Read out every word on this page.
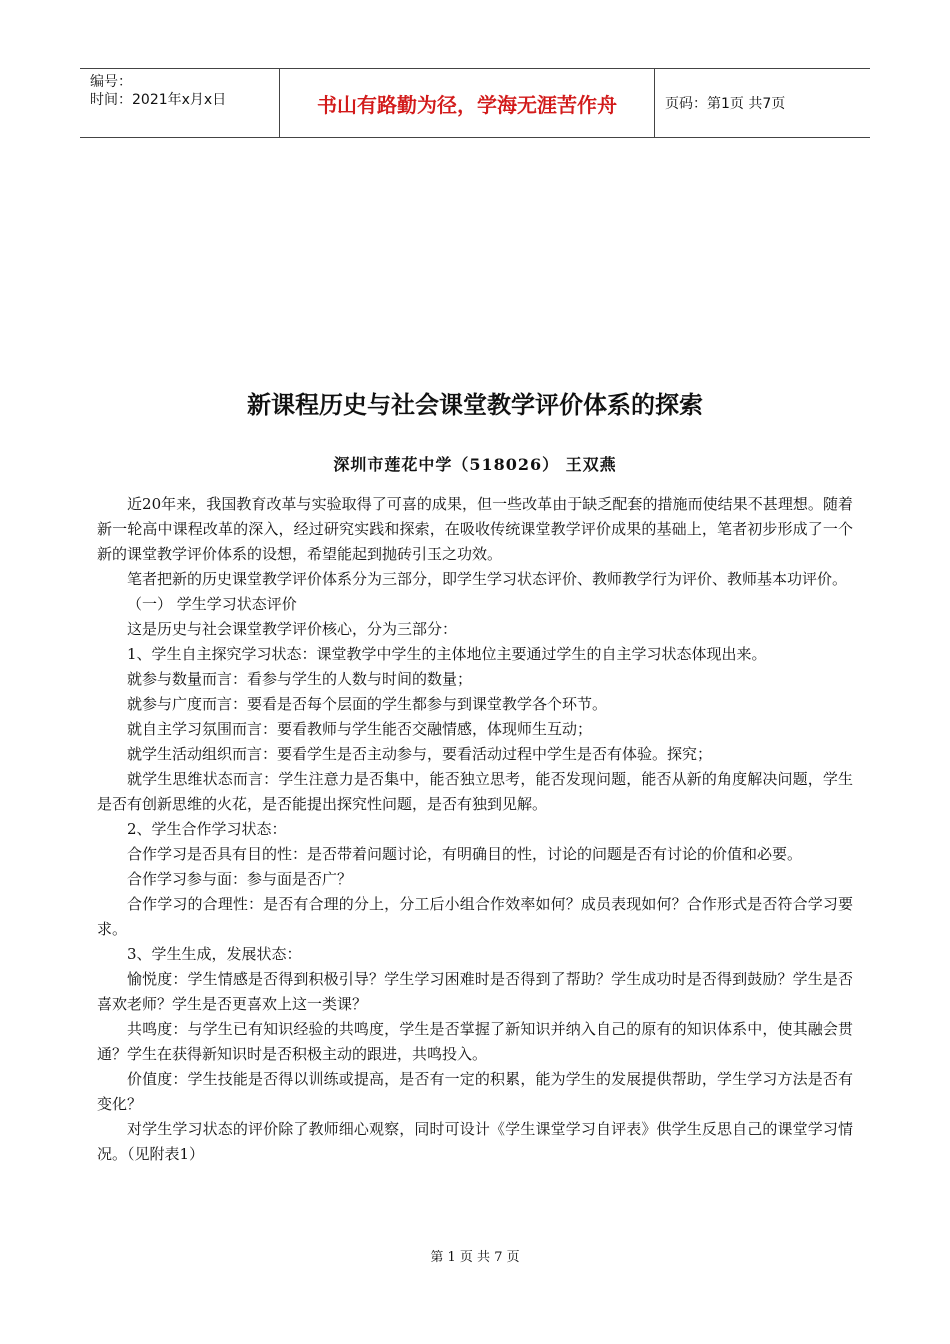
编号：
时间：2021年x月x日	书山有路勤为径，学海无涯苦作舟	页码：第1页 共7页
新课程历史与社会课堂教学评价体系的探索
深圳市莲花中学（518026） 王双燕

近20年来，我国教育改革与实验取得了可喜的成果，但一些改革由于缺乏配套的措施而使结果不甚理想。随着新一轮高中课程改革的深入，经过研究实践和探索，在吸收传统课堂教学评价成果的基础上，笔者初步形成了一个新的课堂教学评价体系的设想，希望能起到抛砖引玉之功效。

笔者把新的历史课堂教学评价体系分为三部分，即学生学习状态评价、教师教学行为评价、教师基本功评价。

（一） 学生学习状态评价

这是历史与社会课堂教学评价核心，分为三部分：

1、学生自主探究学习状态：课堂教学中学生的主体地位主要通过学生的自主学习状态体现出来。

就参与数量而言：看参与学生的人数与时间的数量；

就参与广度而言：要看是否每个层面的学生都参与到课堂教学各个环节。

就自主学习氛围而言：要看教师与学生能否交融情感，体现师生互动；

就学生活动组织而言：要看学生是否主动参与，要看活动过程中学生是否有体验。探究；

就学生思维状态而言：学生注意力是否集中，能否独立思考，能否发现问题，能否从新的角度解决问题，学生是否有创新思维的火花，是否能提出探究性问题，是否有独到见解。

2、学生合作学习状态：

合作学习是否具有目的性：是否带着问题讨论，有明确目的性，讨论的问题是否有讨论的价值和必要。

合作学习参与面：参与面是否广？

合作学习的合理性：是否有合理的分上，分工后小组合作效率如何？成员表现如何？合作形式是否符合学习要求。

3、学生生成，发展状态：

愉悦度：学生情感是否得到积极引导？学生学习困难时是否得到了帮助？学生成功时是否得到鼓励？学生是否喜欢老师？学生是否更喜欢上这一类课？

共鸣度：与学生已有知识经验的共鸣度，学生是否掌握了新知识并纳入自己的原有的知识体系中，使其融会贯通？学生在获得新知识时是否积极主动的跟进，共鸣投入。

价值度：学生技能是否得以训练或提高，是否有一定的积累，能为学生的发展提供帮助，学生学习方法是否有变化？

对学生学习状态的评价除了教师细心观察，同时可设计《学生课堂学习自评表》供学生反思自己的课堂学习情况。（见附表1）

第 1 页 共 7 页
